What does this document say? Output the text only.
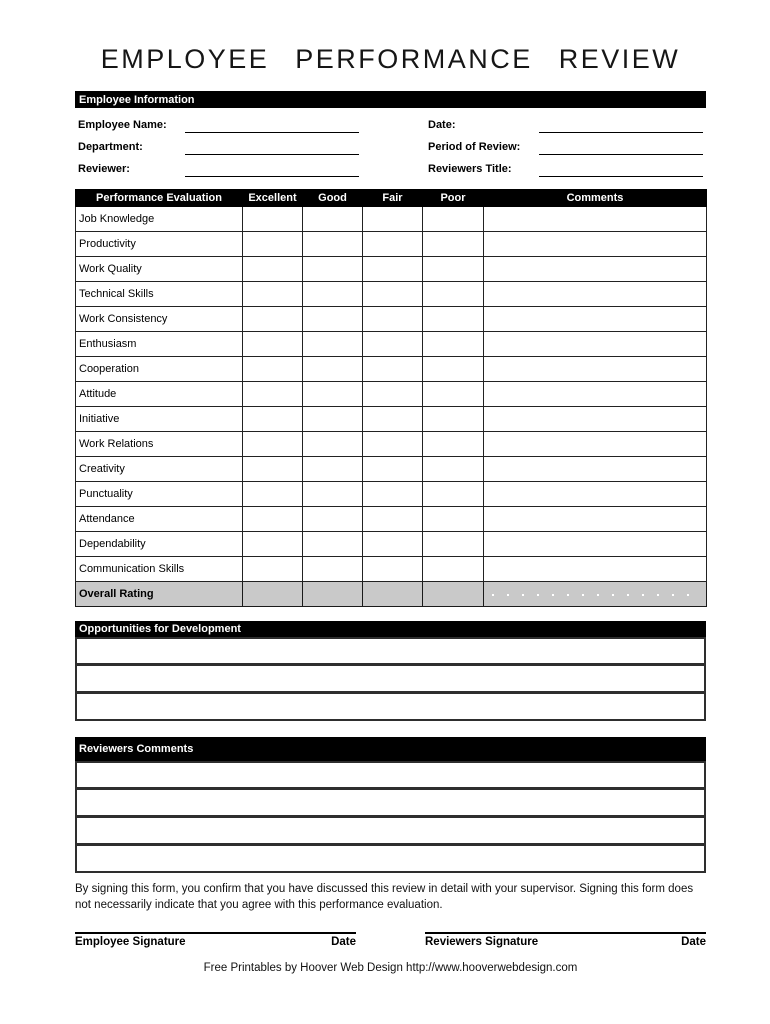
EMPLOYEE PERFORMANCE REVIEW
Employee Information
Employee Name:	Date:
Department:	Period of Review:
Reviewer:	Reviewers Title:
Performance Evaluation	Excellent	Good	Fair	Poor	Comments
Job Knowledge					
Productivity					
Work Quality					
Technical Skills					
Work Consistency					
Enthusiasm					
Cooperation					
Attitude					
Initiative					
Work Relations					
Creativity					
Punctuality					
Attendance					
Dependability					
Communication Skills					
Overall Rating					
Opportunities for Development
Reviewers Comments
By signing this form, you confirm that you have discussed this review in detail with your supervisor. Signing this form does not necessarily indicate that you agree with this performance evaluation.
Employee Signature	Date	Reviewers Signature	Date
Free Printables by Hoover Web Design http://www.hooverwebdesign.com
